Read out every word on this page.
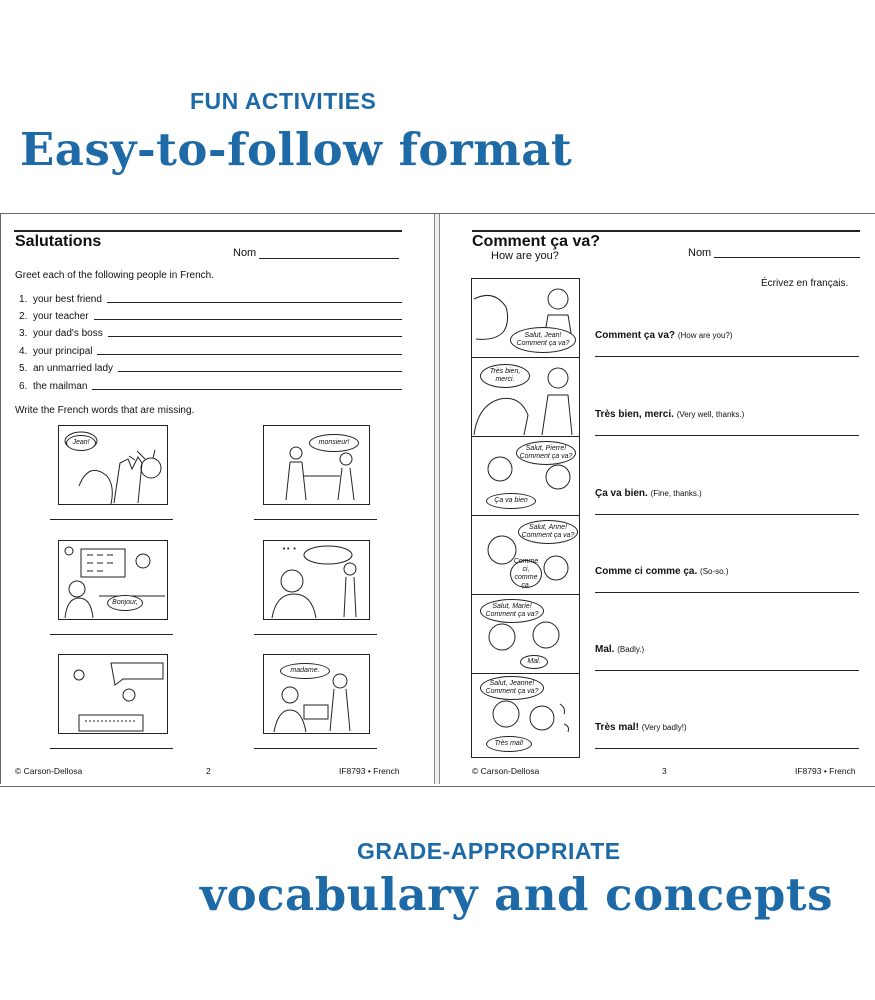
FUN ACTIVITIES
Easy-to-follow format
Salutations
Nom
Greet each of the following people in French.
1. your best friend
2. your teacher
3. your dad's boss
4. your principal
5. an unmarried lady
6. the mailman
Write the French words that are missing.
Jean!	monsieur!
Bonjour,
•• •
madame.
© Carson-Dellosa	2	IF8793 • French
Comment ça va?
How are you?	Nom
Écrivez en français.
Salut, Jean! Comment ça va?
Très bien, merci.
Salut, Pierre! Comment ça va?
Ça va bien
Salut, Anne! Comment ça va?
Comme ci, comme ça.
Salut, Marie! Comment ça va?
Mal.
Salut, Jeanne! Comment ça va?
Très mal!
Comment ça va? (How are you?)
Très bien, merci. (Very well, thanks.)
Ça va bien. (Fine, thanks.)
Comme ci comme ça. (So-so.)
Mal. (Badly.)
Très mal! (Very badly!)
© Carson-Dellosa	3	IF8793 • French
GRADE-APPROPRIATE
vocabulary and concepts
